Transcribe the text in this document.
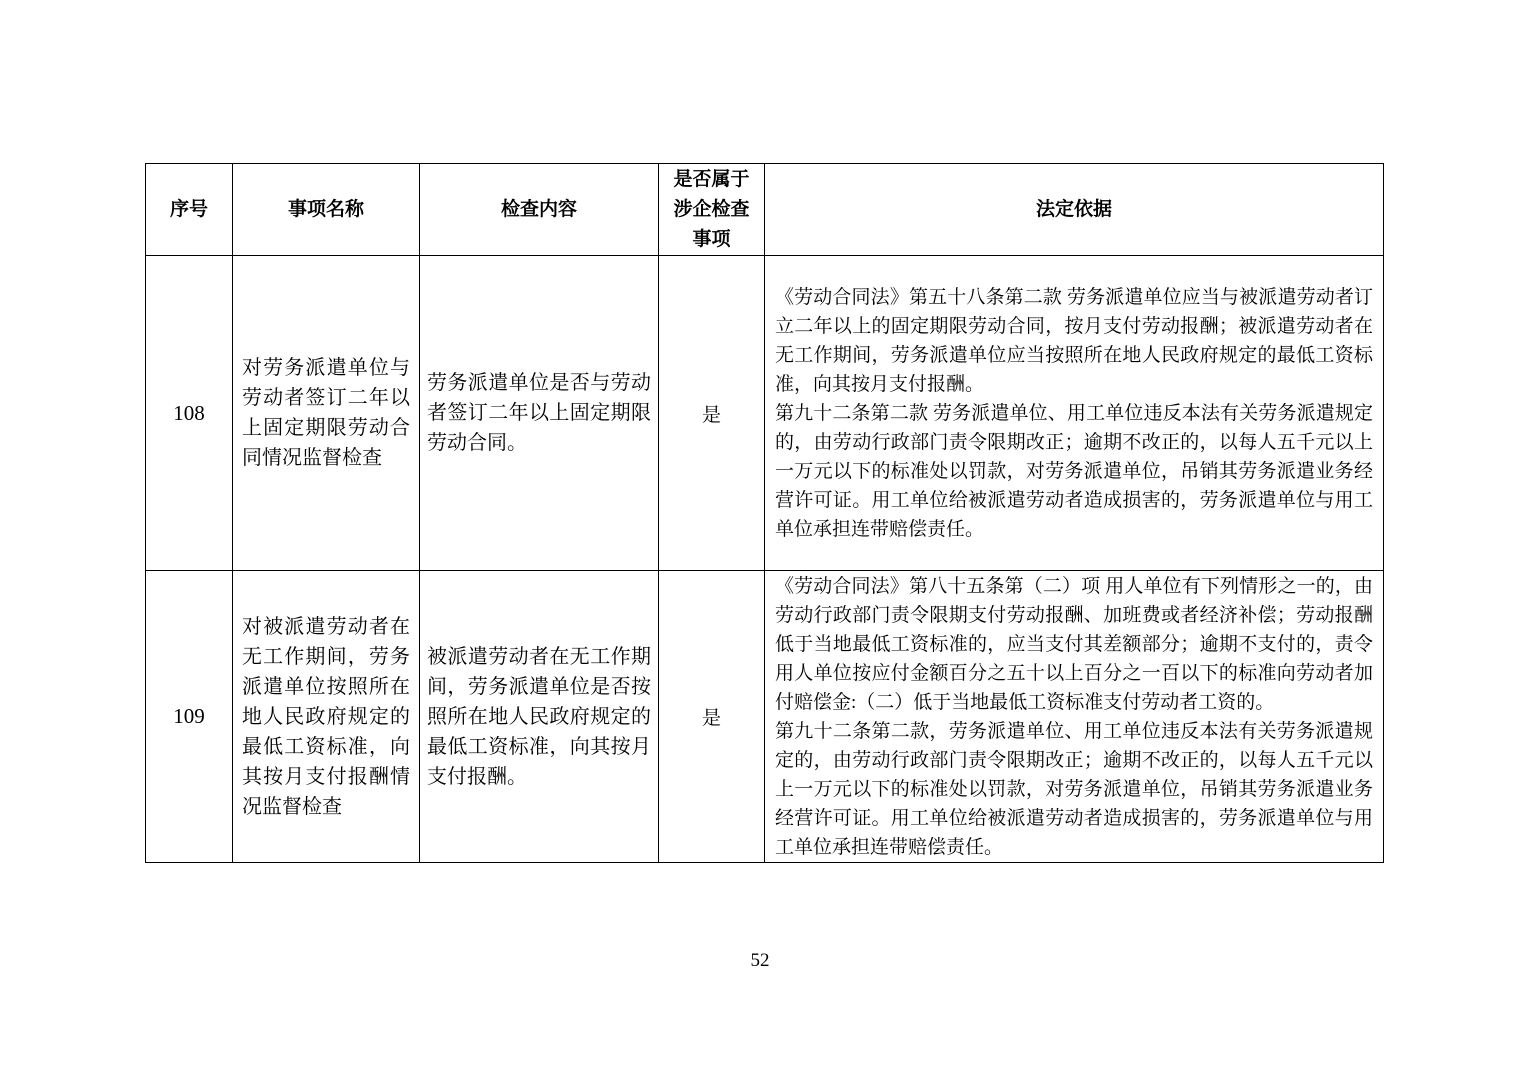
序号	事项名称	检查内容	是否属于涉企检查事项	法定依据
108	对劳务派遣单位与劳动者签订二年以上固定期限劳动合同情况监督检查	劳务派遣单位是否与劳动者签订二年以上固定期限劳动合同。	是	《劳动合同法》第五十八条第二款 劳务派遣单位应当与被派遣劳动者订立二年以上的固定期限劳动合同，按月支付劳动报酬；被派遣劳动者在无工作期间，劳务派遣单位应当按照所在地人民政府规定的最低工资标准，向其按月支付报酬。

第九十二条第二款 劳务派遣单位、用工单位违反本法有关劳务派遣规定的，由劳动行政部门责令限期改正；逾期不改正的，以每人五千元以上一万元以下的标准处以罚款，对劳务派遣单位，吊销其劳务派遣业务经营许可证。用工单位给被派遣劳动者造成损害的，劳务派遣单位与用工单位承担连带赔偿责任。

109	对被派遣劳动者在无工作期间，劳务派遣单位按照所在地人民政府规定的最低工资标准，向其按月支付报酬情况监督检查	被派遣劳动者在无工作期间，劳务派遣单位是否按照所在地人民政府规定的最低工资标准，向其按月支付报酬。	是	《劳动合同法》第八十五条第（二）项 用人单位有下列情形之一的，由劳动行政部门责令限期支付劳动报酬、加班费或者经济补偿；劳动报酬低于当地最低工资标准的，应当支付其差额部分；逾期不支付的，责令用人单位按应付金额百分之五十以上百分之一百以下的标准向劳动者加付赔偿金:（二）低于当地最低工资标准支付劳动者工资的。

第九十二条第二款，劳务派遣单位、用工单位违反本法有关劳务派遣规定的，由劳动行政部门责令限期改正；逾期不改正的，以每人五千元以上一万元以下的标准处以罚款，对劳务派遣单位，吊销其劳务派遣业务经营许可证。用工单位给被派遣劳动者造成损害的，劳务派遣单位与用工单位承担连带赔偿责任。

52
